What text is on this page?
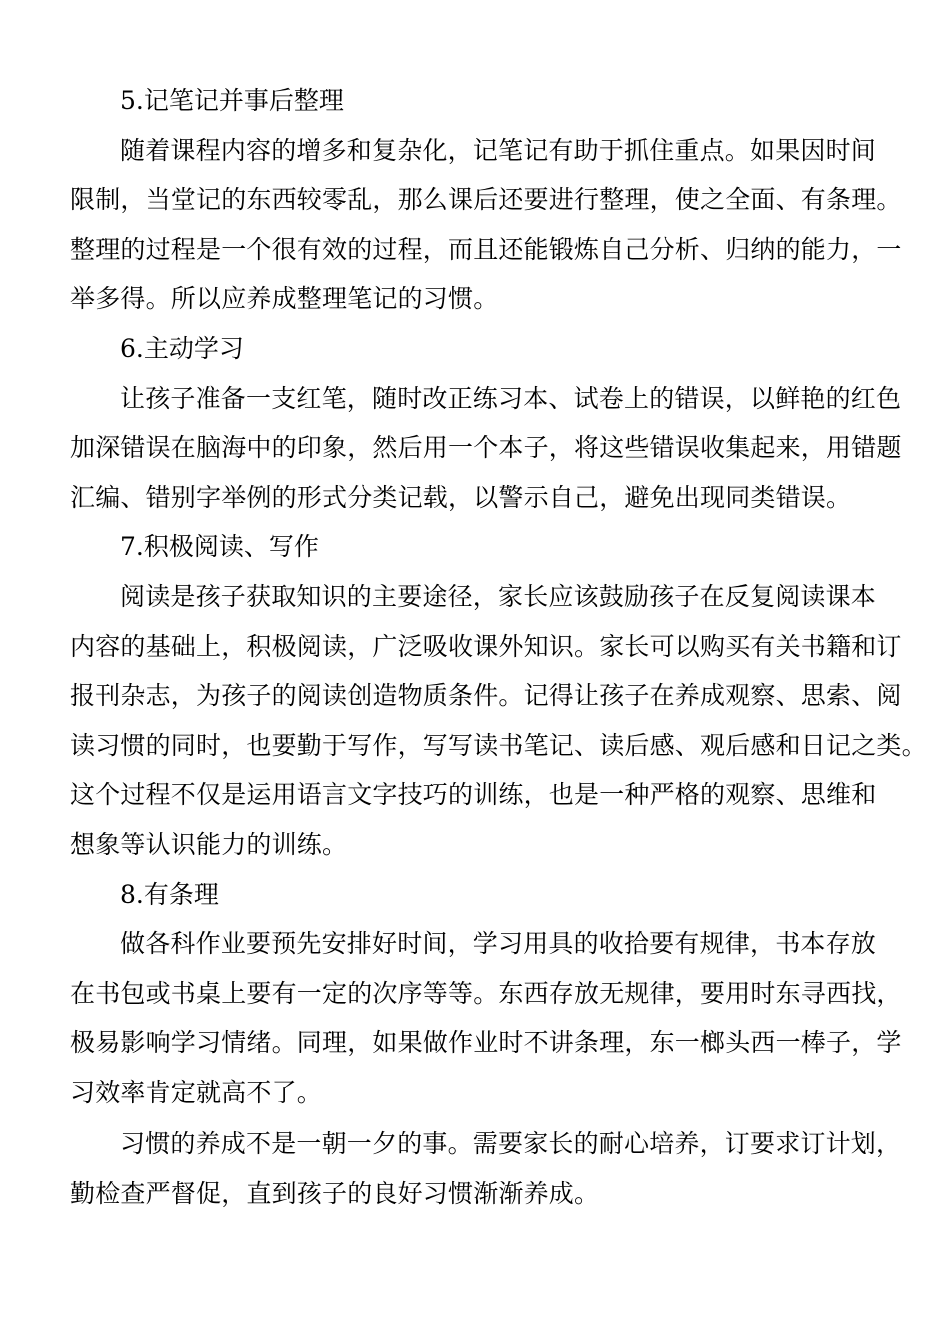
5.记笔记并事后整理

随着课程内容的增多和复杂化，记笔记有助于抓住重点。如果因时间
限制，当堂记的东西较零乱，那么课后还要进行整理，使之全面、有条理。
整理的过程是一个很有效的过程，而且还能锻炼自己分析、归纳的能力，一
举多得。所以应养成整理笔记的习惯。

6.主动学习

让孩子准备一支红笔，随时改正练习本、试卷上的错误，以鲜艳的红色
加深错误在脑海中的印象，然后用一个本子，将这些错误收集起来，用错题
汇编、错别字举例的形式分类记载，以警示自己，避免出现同类错误。

7.积极阅读、写作

阅读是孩子获取知识的主要途径，家长应该鼓励孩子在反复阅读课本
内容的基础上，积极阅读，广泛吸收课外知识。家长可以购买有关书籍和订
报刊杂志，为孩子的阅读创造物质条件。记得让孩子在养成观察、思索、阅
读习惯的同时，也要勤于写作，写写读书笔记、读后感、观后感和日记之类。
这个过程不仅是运用语言文字技巧的训练，也是一种严格的观察、思维和
想象等认识能力的训练。

8.有条理

做各科作业要预先安排好时间，学习用具的收拾要有规律，书本存放
在书包或书桌上要有一定的次序等等。东西存放无规律，要用时东寻西找，
极易影响学习情绪。同理，如果做作业时不讲条理，东一榔头西一棒子，学
习效率肯定就高不了。
习惯的养成不是一朝一夕的事。需要家长的耐心培养，订要求订计划，
勤检查严督促，直到孩子的良好习惯渐渐养成。
